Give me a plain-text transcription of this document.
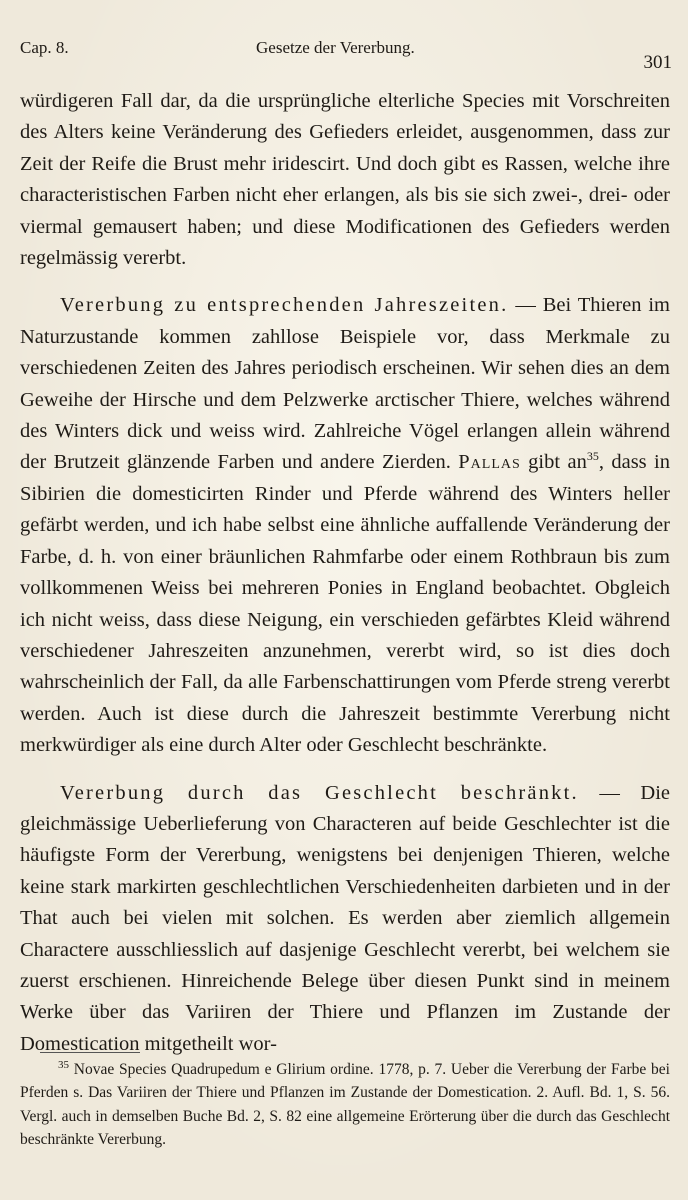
Cap. 8.	Gesetze der Vererbung.
301

würdigeren Fall dar, da die ursprüngliche elterliche Species mit Vorschreiten des Alters keine Veränderung des Gefieders erleidet, ausgenommen, dass zur Zeit der Reife die Brust mehr iridescirt. Und doch gibt es Rassen, welche ihre characteristischen Farben nicht eher erlangen, als bis sie sich zwei-, drei- oder viermal gemausert haben; und diese Modificationen des Gefieders werden regelmässig vererbt.

Vererbung zu entsprechenden Jahreszeiten. — Bei Thieren im Naturzustande kommen zahllose Beispiele vor, dass Merkmale zu verschiedenen Zeiten des Jahres periodisch erscheinen. Wir sehen dies an dem Geweihe der Hirsche und dem Pelzwerke arctischer Thiere, welches während des Winters dick und weiss wird. Zahlreiche Vögel erlangen allein während der Brutzeit glänzende Farben und andere Zierden. Pallas gibt $an^{35}$, dass in Sibirien die domesticirten Rinder und Pferde während des Winters heller gefärbt werden, und ich habe selbst eine ähnliche auffallende Veränderung der Farbe, d. h. von einer bräunlichen Rahmfarbe oder einem Rothbraun bis zum vollkommenen Weiss bei mehreren Ponies in England beobachtet. Obgleich ich nicht weiss, dass diese Neigung, ein verschieden gefärbtes Kleid während verschiedener Jahreszeiten anzunehmen, vererbt wird, so ist dies doch wahrscheinlich der Fall, da alle Farbenschattirungen vom Pferde streng vererbt werden. Auch ist diese durch die Jahreszeit bestimmte Vererbung nicht merkwürdiger als eine durch Alter oder Geschlecht beschränkte.

Vererbung durch das Geschlecht beschränkt. — Die gleichmässige Ueberlieferung von Characteren auf beide Geschlechter ist die häufigste Form der Vererbung, wenigstens bei denjenigen Thieren, welche keine stark markirten geschlechtlichen Verschiedenheiten darbieten und in der That auch bei vielen mit solchen. Es werden aber ziemlich allgemein Charactere ausschliesslich auf dasjenige Geschlecht vererbt, bei welchem sie zuerst erschienen. Hinreichende Belege über diesen Punkt sind in meinem Werke über das Variiren der Thiere und Pflanzen im Zustande der Domestication mitgetheilt wor-

$^{35}$ Novae Species Quadrupedum e Glirium ordine. 1778, p. 7. Ueber die Vererbung der Farbe bei Pferden s. Das Variiren der Thiere und Pflanzen im Zustande der Domestication. 2. Aufl. Bd. 1, S. 56. Vergl. auch in demselben Buche Bd. 2, S. 82 eine allgemeine Erörterung über die durch das Geschlecht beschränkte Vererbung.
